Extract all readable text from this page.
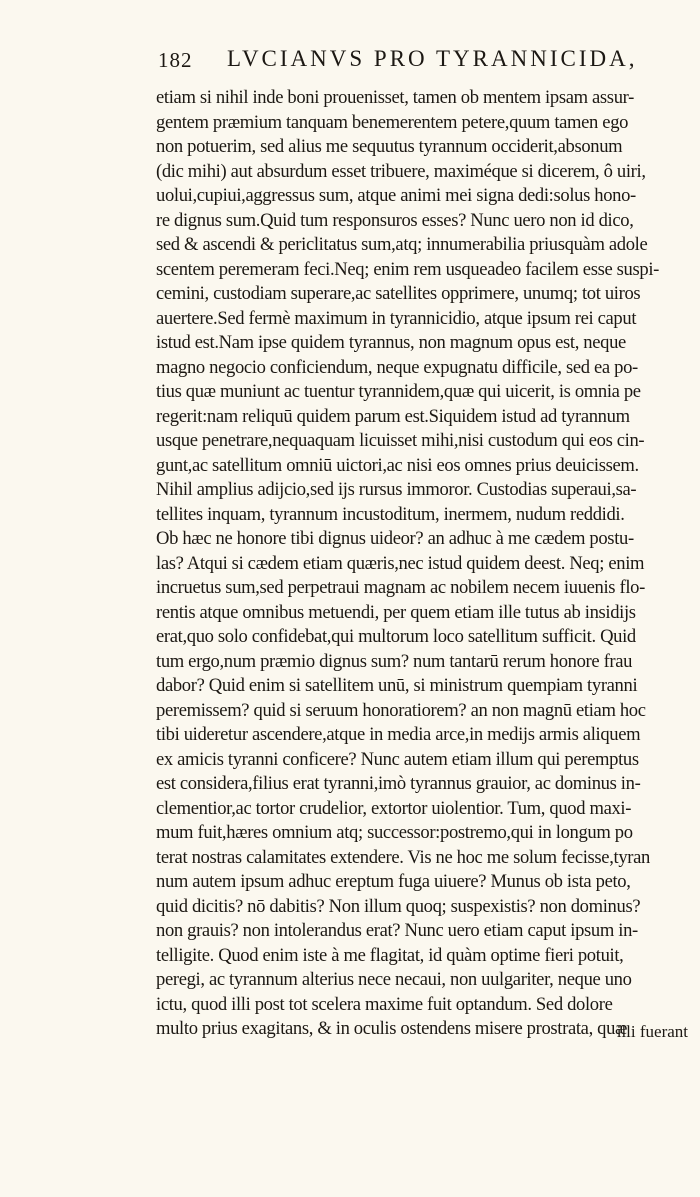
182 LVCIANVS PRO TYRANNICIDA,
etiam si nihil inde boni prouenisset, tamen ob mentem ipsam assur-
gentem præmium tanquam benemerentem petere,quum tamen ego
non potuerim, sed alius me sequutus tyrannum occiderit,absonum
(dic mihi) aut absurdum esset tribuere, maximéque si dicerem, ô uiri,
uolui,cupiui,aggressus sum, atque animi mei signa dedi:solus hono-
re dignus sum.Quid tum responsuros esses? Nunc uero non id dico,
sed & ascendi & periclitatus sum,atq; innumerabilia priusquàm adole
scentem peremeram feci.Neq; enim rem usqueadeo facilem esse suspi-
cemini, custodiam superare,ac satellites opprimere, unumq; tot uiros
auertere.Sed fermè maximum in tyrannicidio, atque ipsum rei caput
istud est.Nam ipse quidem tyrannus, non magnum opus est, neque
magno negocio conficiendum, neque expugnatu difficile, sed ea po-
tius quæ muniunt ac tuentur tyrannidem,quæ qui uicerit, is omnia pe
regerit:nam reliquū quidem parum est.Siquidem istud ad tyrannum
usque penetrare,nequaquam licuisset mihi,nisi custodum qui eos cin-
gunt,ac satellitum omniū uictori,ac nisi eos omnes prius deuicissem.
Nihil amplius adijcio,sed ijs rursus immoror. Custodias superaui,sa-
tellites inquam, tyrannum incustoditum, inermem, nudum reddidi.
Ob hæc ne honore tibi dignus uideor? an adhuc à me cædem postu-
las? Atqui si cædem etiam quæris,nec istud quidem deest. Neq; enim
incruetus sum,sed perpetraui magnam ac nobilem necem iuuenis flo-
rentis atque omnibus metuendi, per quem etiam ille tutus ab insidijs
erat,quo solo confidebat,qui multorum loco satellitum sufficit. Quid
tum ergo,num præmio dignus sum? num tantarū rerum honore frau
dabor? Quid enim si satellitem unū, si ministrum quempiam tyranni
peremissem? quid si seruum honoratiorem? an non magnū etiam hoc
tibi uideretur ascendere,atque in media arce,in medijs armis aliquem
ex amicis tyranni conficere? Nunc autem etiam illum qui peremptus
est considera,filius erat tyranni,imò tyrannus grauior, ac dominus in-
clementior,ac tortor crudelior, extortor uiolentior. Tum, quod maxi-
mum fuit,hæres omnium atq; successor:postremo,qui in longum po
terat nostras calamitates extendere. Vis ne hoc me solum fecisse,tyran
num autem ipsum adhuc ereptum fuga uiuere? Munus ob ista peto,
quid dicitis? nō dabitis? Non illum quoq; suspexistis? non dominus?
non grauis? non intolerandus erat? Nunc uero etiam caput ipsum in-
telligite. Quod enim iste à me flagitat, id quàm optime fieri potuit,
peregi, ac tyrannum alterius nece necaui, non uulgariter, neque uno
ictu, quod illi post tot scelera maxime fuit optandum. Sed dolore
multo prius exagitans, & in oculis ostendens misere prostrata, quæ
illi fuerant
